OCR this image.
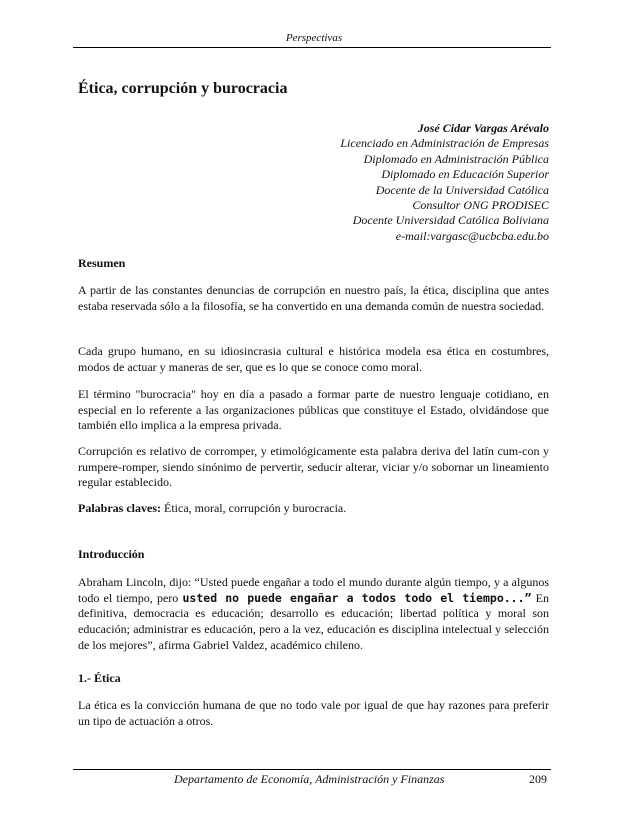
Perspectivas
Ética, corrupción y burocracia
José Cidar Vargas Arévalo
Licenciado en Administración de Empresas
Diplomado en Administración Pública
Diplomado en Educación Superior
Docente de la Universidad Católica
Consultor ONG PRODISEC
Docente Universidad Católica Boliviana
e-mail:vargasc@ucbcba.edu.bo
Resumen
A partir de las constantes denuncias de corrupción en nuestro país, la ética, disciplina que antes estaba reservada sólo a la filosofía, se ha convertido en una demanda común de nuestra sociedad.
Cada grupo humano, en su idiosincrasia cultural e histórica modela esa ética en costumbres, modos de actuar y maneras de ser, que es lo que se conoce como moral.
El término "burocracia" hoy en día a pasado a formar parte de nuestro lenguaje cotidiano, en especial en lo referente a las organizaciones públicas que constituye el Estado, olvidándose que también ello implica a la empresa privada.
Corrupción es relativo de corromper, y etimológicamente esta palabra deriva del latín cum-con y rumpere-romper, siendo sinónimo de pervertir, seducir alterar, viciar y/o sobornar un lineamiento regular establecido.
Palabras claves: Ética, moral, corrupción y burocracia.
Introducción
Abraham Lincoln, dijo: “Usted puede engañar a todo el mundo durante algún tiempo, y a algunos todo el tiempo, pero usted no puede engañar a todos todo el tiempo...” En definitiva, democracia es educación; desarrollo es educación; libertad política y moral son educación; administrar es educación, pero a la vez, educación es disciplina intelectual y selección de los mejores”, afirma Gabriel Valdez, académico chileno.
1.- Ética
La ética es la convicción humana de que no todo vale por igual de que hay razones para preferir un tipo de actuación a otros.
Departamento de Economía, Administración y Finanzas	209
